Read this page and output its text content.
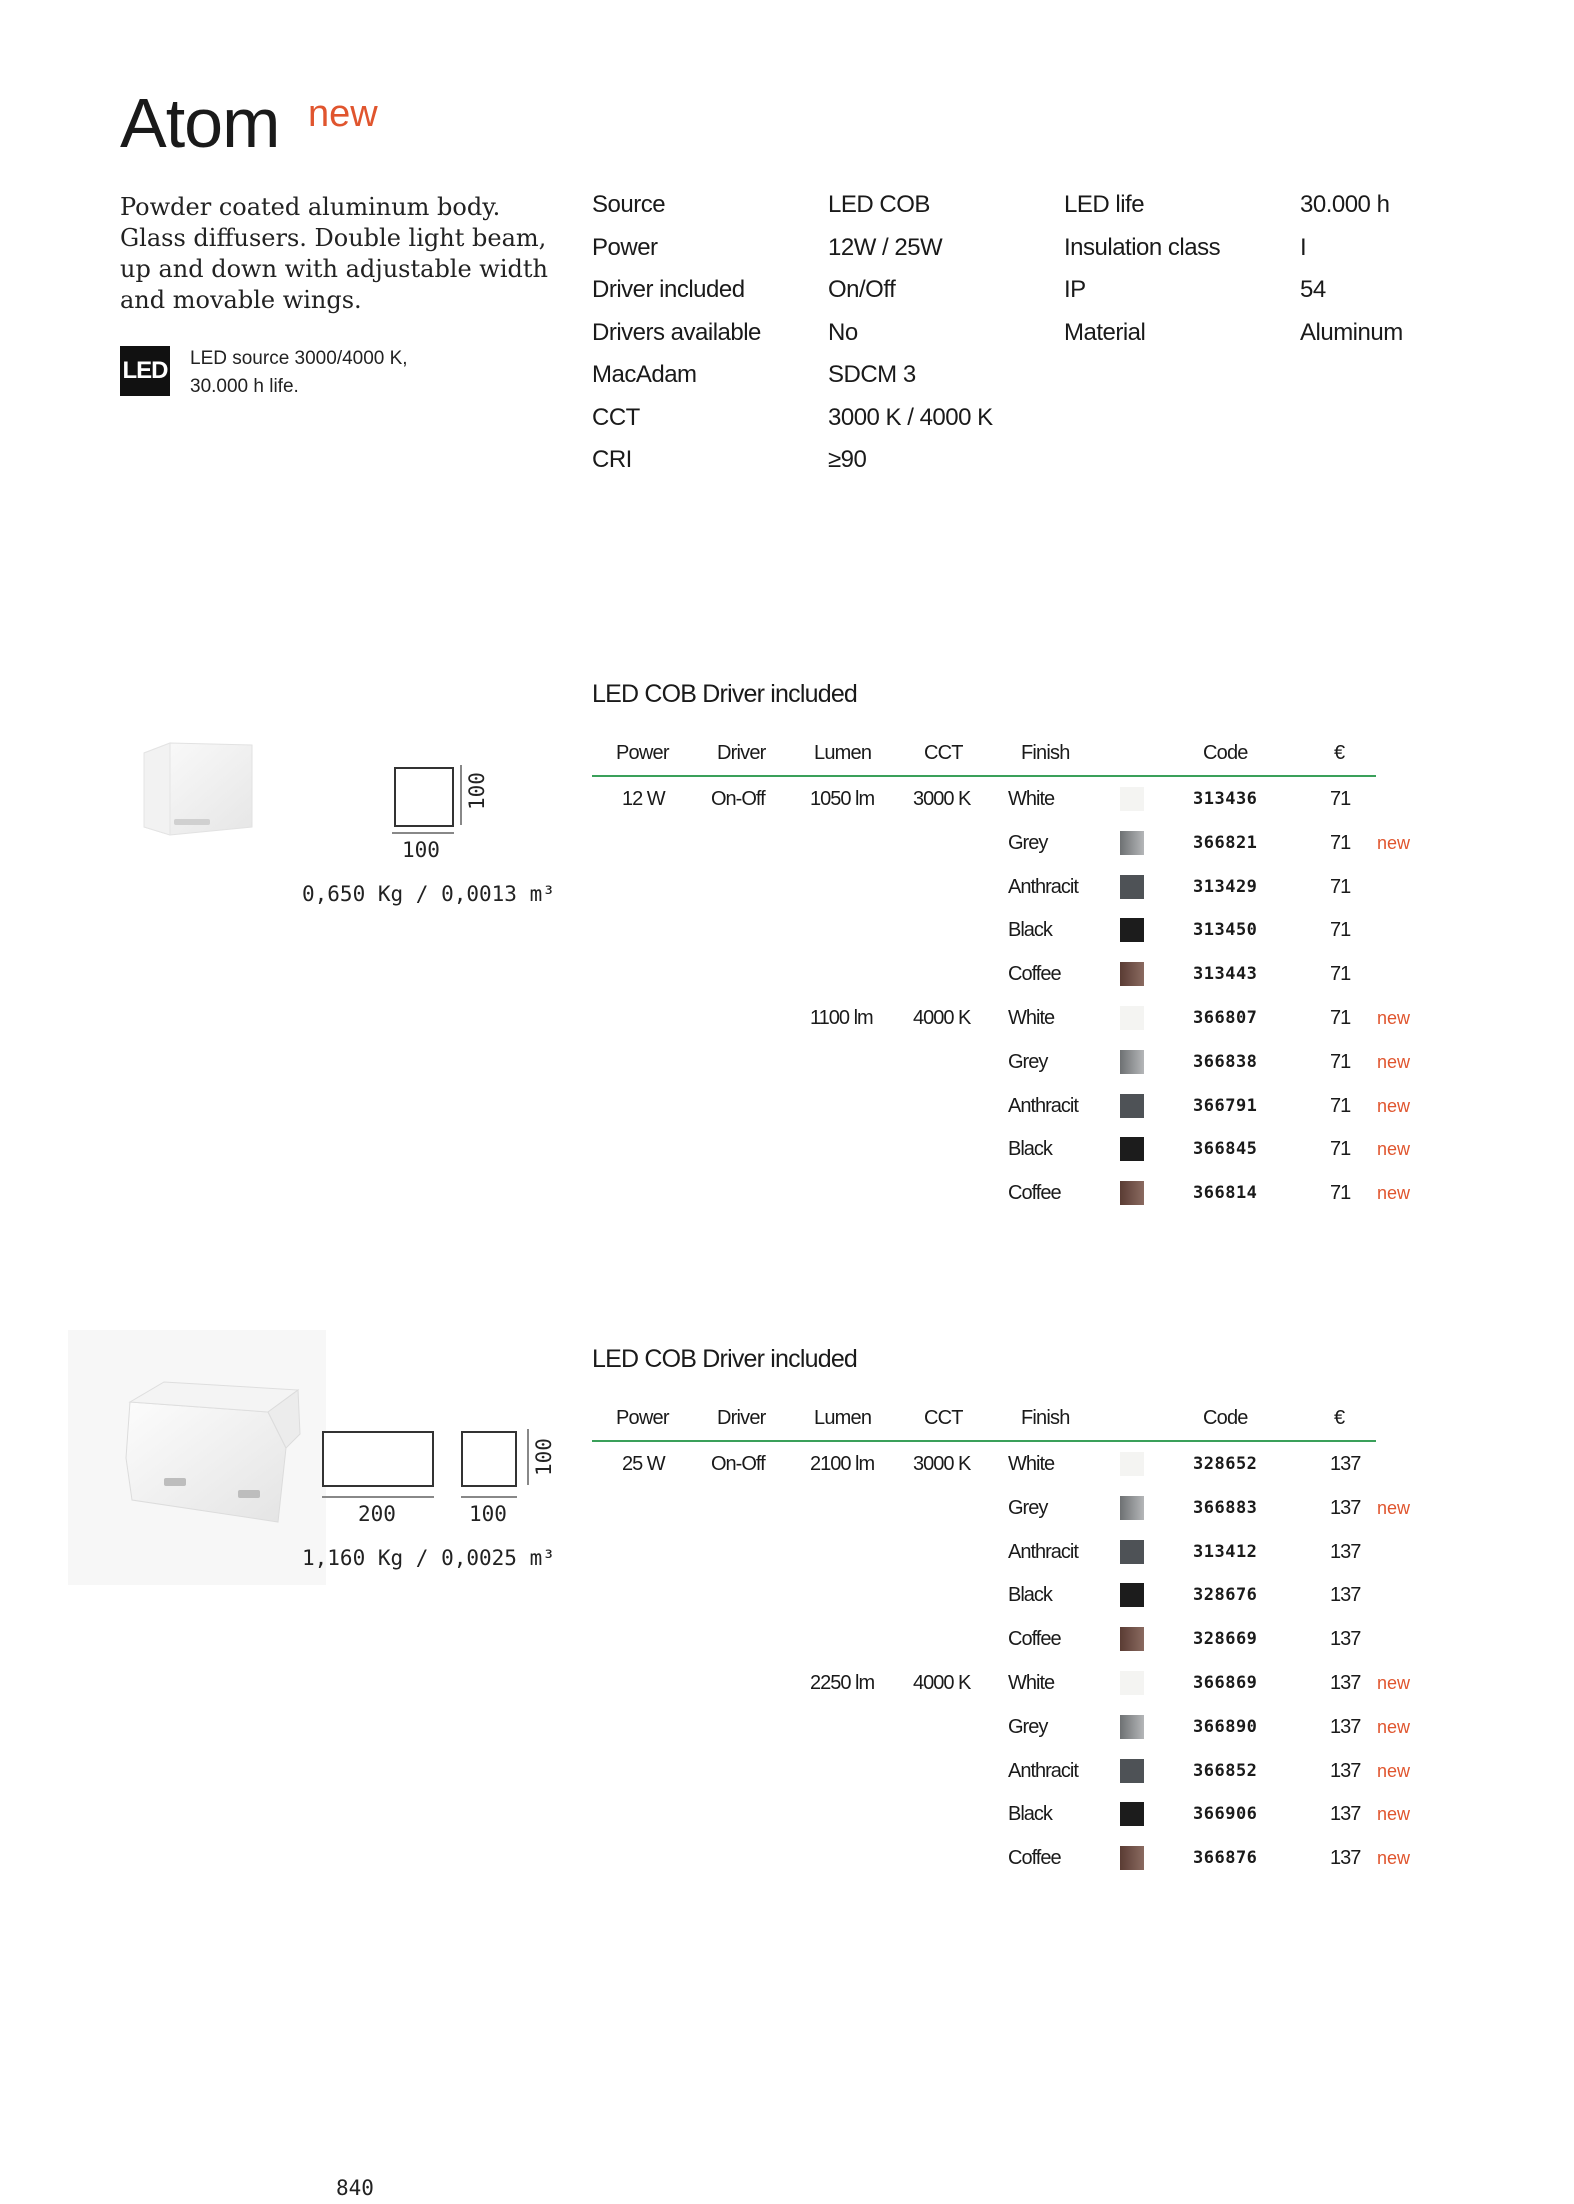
Atom new
Powder coated aluminum body. Glass diffusers. Double light beam, up and down with adjustable width and movable wings.
LED LED source 3000/4000 K,
30.000 h life.
Source	LED COB
Power	12W / 25W
Driver included	On/Off
Drivers available	No
MacAdam	SDCM 3
CCT	3000 K / 4000 K
CRI	≥90
LED life	30.000 h
Insulation class	I
IP	54
Material	Aluminum
100
100
0,650 Kg / 0,0013 m³
200	100
100
1,160 Kg / 0,0025 m³
LED COB Driver included
Power Driver Lumen	CCT	Finish	Code	€
12 W On-Off 1050 lm 3000 K White	313436	71
Grey	366821	71 new
Anthracit	313429	71
Black	313450	71
Coffee	313443	71
1100 lm 4000 K White	366807	71 new
Grey	366838	71 new
Anthracit	366791	71 new
Black	366845	71 new
Coffee	366814	71 new
LED COB Driver included
Power Driver Lumen	CCT	Finish	Code	€
25 W On-Off 2100 lm 3000 K White	328652	137
Grey	366883	137 new
Anthracit	313412	137
Black	328676	137
Coffee	328669	137
2250 lm 4000 K White	366869	137 new
Grey	366890	137 new
Anthracit	366852	137 new
Black	366906	137 new
Coffee	366876	137 new
840
